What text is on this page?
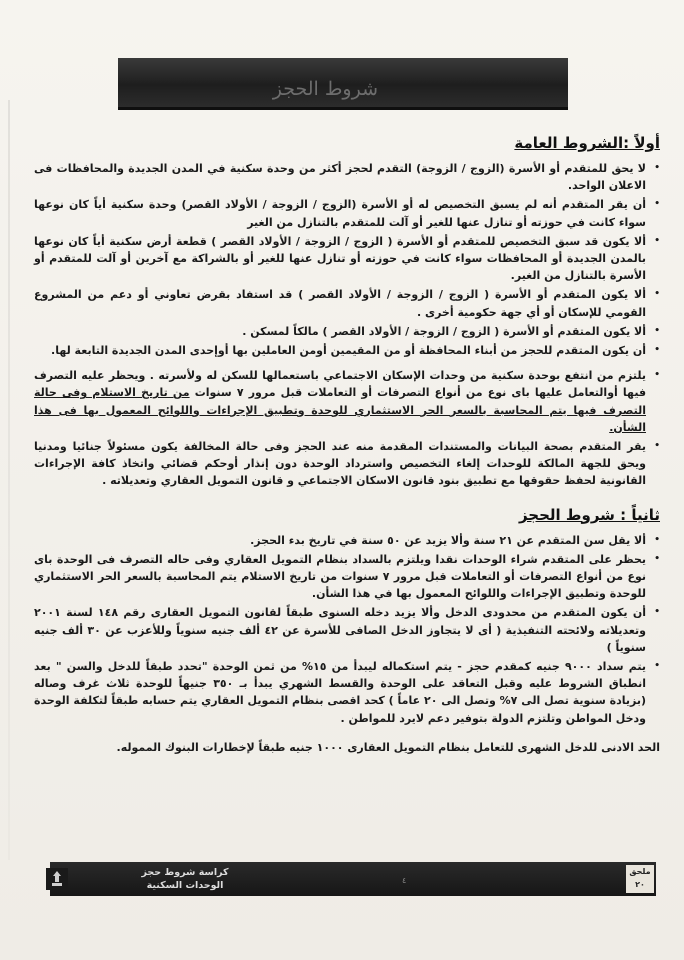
شروط الحجز
أولاً :الشروط العامة
•
لا يحق للمتقدم أو الأسرة (الزوج / الزوجة) التقدم لحجز أكثر من وحدة سكنية في المدن الجديدة والمحافظات فى الاعلان الواحد.
•
أن يقر المتقدم أنه لم يسبق التخصيص له أو الأسرة (الزوج / الزوجة / الأولاد القصر) وحدة سكنية أياً كان نوعها سواء كانت في حوزته أو تنازل عنها للغير أو آلت للمتقدم بالتنازل من الغير
•
ألا يكون قد سبق التخصيص للمتقدم أو الأسرة ( الزوج / الزوجة / الأولاد القصر ) قطعة أرض سكنية أياً كان نوعها بالمدن الجديدة أو المحافظات سواء كانت في حوزته أو تنازل عنها للغير أو بالشراكة مع آخرين أو آلت للمتقدم أو الأسرة بالتنازل من الغير.
•
ألا يكون المتقدم أو الأسرة ( الزوج / الزوجة / الأولاد القصر ) قد استفاد بقرض تعاوني أو دعم من المشروع القومي للإسكان أو أي جهة حكومية أخرى .
•
ألا يكون المتقدم أو الأسرة ( الزوج / الزوجة / الأولاد القصر ) مالكاً لمسكن .
•
أن يكون المتقدم للحجز من أبناء المحافظة أو من المقيمين أومن العاملين بها أوإحدى المدن الجديدة التابعة لها.
•
يلتزم من انتفع بوحدة سكنية من وحدات الإسكان الاجتماعي باستعمالها للسكن له ولأسرته . ويحظر عليه التصرف فيها أوالتعامل عليها باى نوع من أنواع التصرفات أو التعاملات قبل مرور ٧ سنوات من تاريخ الاستلام وفى حالة التصرف فيها يتم المحاسبة بالسعر الحر الاستثماري للوحدة وتطبيق الإجراءات واللوائح المعمول بها فى هذا الشأن.
•
يقر المتقدم بصحة البيانات والمستندات المقدمة منه عند الحجز وفى حالة المخالفة يكون مسئولاً جنائيا ومدنيا ويحق للجهة المالكة للوحدات إلغاء التخصيص واسترداد الوحدة دون إنذار أوحكم قضائي واتخاذ كافة الإجراءات القانونية لحفظ حقوقها مع تطبيق بنود قانون الاسكان الاجتماعي و قانون التمويل العقاري وتعديلاته .
ثانياً : شروط الحجز
•
ألا يقل سن المتقدم عن ٢١ سنة وألا يزيد عن ٥٠ سنة في تاريخ بدء الحجز.
•
يحظر على المتقدم شراء الوحدات نقدا ويلتزم بالسداد بنظام التمويل العقاري وفى حاله التصرف فى الوحدة باى نوع من أنواع التصرفات أو التعاملات قبل مرور ٧ سنوات من تاريخ الاستلام يتم المحاسبة بالسعر الحر الاستثماري للوحدة وتطبيق الإجراءات واللوائح المعمول بها في هذا الشأن.
•
أن يكون المتقدم من محدودى الدخل وألا يزيد دخله السنوى طبقاً لقانون التمويل العقارى رقم ١٤٨ لسنة ٢٠٠١ وتعديلاته ولائحته التنفيذية ( أى لا يتجاوز الدخل الصافى للأسرة عن ٤٢ ألف جنيه سنوياً وللأعزب عن ٣٠ ألف جنيه سنوياً )
•
يتم سداد ٩٠٠٠ جنيه كمقدم حجز - يتم استكماله ليبدأ من ١٥% من ثمن الوحدة "تحدد طبقاً للدخل والسن " بعد انطباق الشروط عليه وقبل التعاقد على الوحدة والقسط الشهري يبدأ بـ ٣٥٠ جنيهاً للوحدة ثلاث غرف وصاله (بزيادة سنوية تصل الى ٧% وتصل الى ٢٠ عاماً ) كحد اقصى بنظام التمويل العقاري يتم حسابه طبقاً لتكلفة الوحدة ودخل المواطن وتلتزم الدولة بتوفير دعم لايرد للمواطن .
الحد الادنى للدخل الشهرى للتعامل بنظام التمويل العقارى ١٠٠٠ جنيه طبقاً لإخطارات البنوك المموله.
كراسة شروط حجز
الوحدات السكنية	٤
ملحق
٢٠
